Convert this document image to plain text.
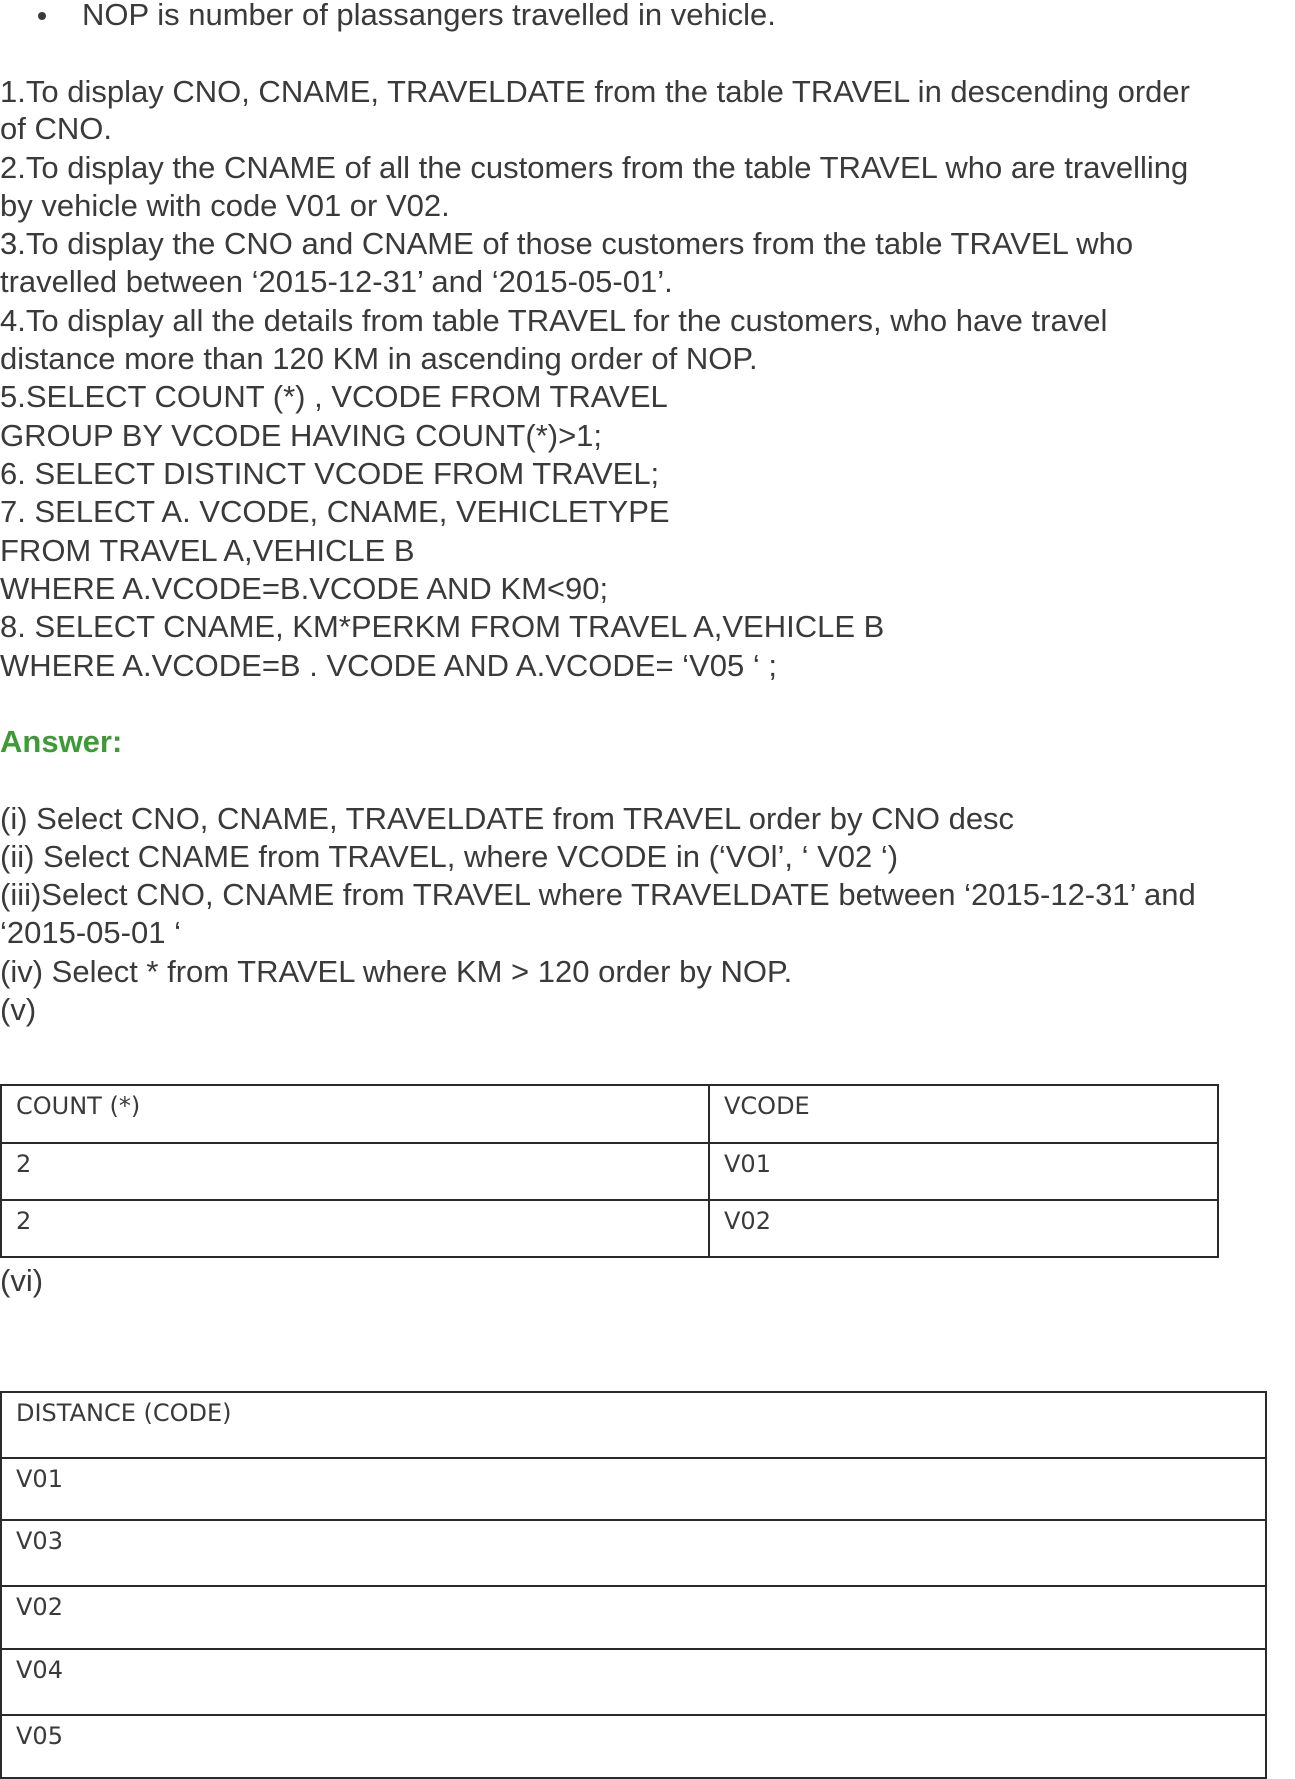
NOP is number of plassangers travelled in vehicle.
1.To display CNO, CNAME, TRAVELDATE from the table TRAVEL in descending order
of CNO.
2.To display the CNAME of all the customers from the table TRAVEL who are travelling
by vehicle with code V01 or V02.
3.To display the CNO and CNAME of those customers from the table TRAVEL who
travelled between ‘2015-12-31’ and ‘2015-05-01’.
4.To display all the details from table TRAVEL for the customers, who have travel
distance more than 120 KM in ascending order of NOP.
5.SELECT COUNT (*) , VCODE FROM TRAVEL
GROUP BY VCODE HAVING COUNT(*)>1;
6. SELECT DISTINCT VCODE FROM TRAVEL;
7. SELECT A. VCODE, CNAME, VEHICLETYPE
FROM TRAVEL A,VEHICLE B
WHERE A.VCODE=B.VCODE AND KM<90;
8. SELECT CNAME, KM*PERKM FROM TRAVEL A,VEHICLE B
WHERE A.VCODE=B . VCODE AND A.VCODE= ‘V05 ‘ ;
Answer:
(i) Select CNO, CNAME, TRAVELDATE from TRAVEL order by CNO desc
(ii) Select CNAME from TRAVEL, where VCODE in (‘VOl’, ‘ V02 ‘)
(iii)Select CNO, CNAME from TRAVEL where TRAVELDATE between ‘2015-12-31’ and
‘2015-05-01 ‘
(iv) Select * from TRAVEL where KM > 120 order by NOP.
(v)
COUNT (*)	VCODE
2	V01
2	V02
(vi)
DISTANCE (CODE)
V01
V03
V02
V04
V05
